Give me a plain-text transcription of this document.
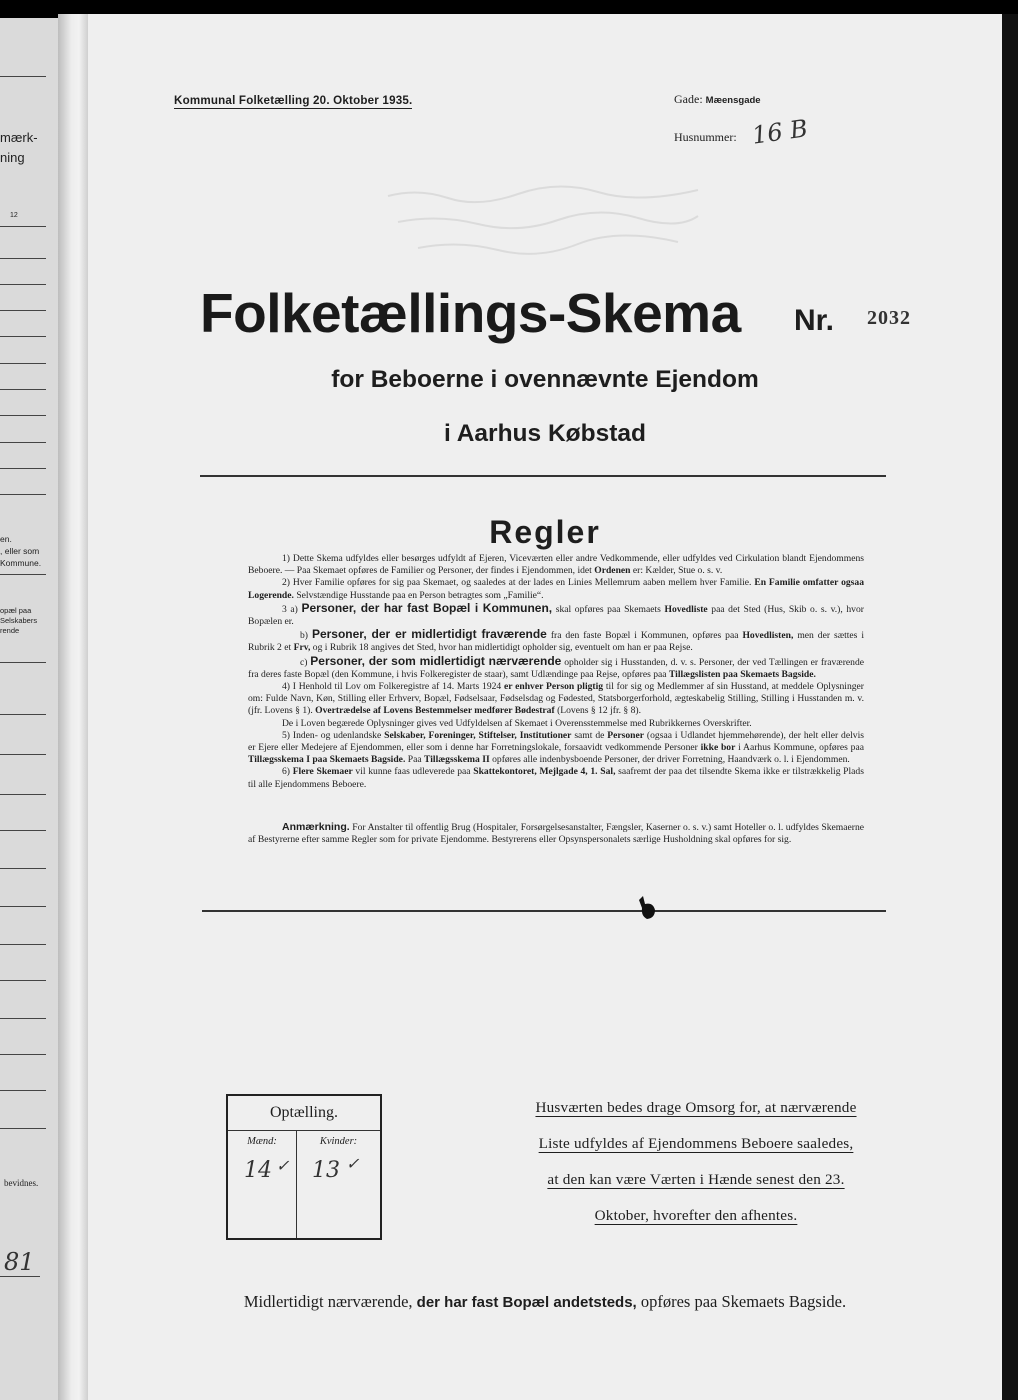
mærk-
ning
12
en.
, eller som
Kommune.
opæl paa
Selskabers
rende
bevidnes.
81
Kommunal Folketælling 20. Oktober 1935.	Gade: Mæensgade
Husnummer: 16 B
Folketællings-Skema Nr. 2032
for Beboerne i ovennævnte Ejendom
i Aarhus Købstad
Regler

1) Dette Skema udfyldes eller besørges udfyldt af Ejeren, Viceværten eller andre Vedkommende, eller udfyldes ved Cirkulation blandt Ejendommens Beboere. — Paa Skemaet opføres de Familier og Personer, der findes i Ejendommen, idet Ordenen er: Kælder, Stue o. s. v.

2) Hver Familie opføres for sig paa Skemaet, og saaledes at der lades en Linies Mellemrum aaben mellem hver Familie. En Familie omfatter ogsaa Logerende. Selvstændige Husstande paa en Person betragtes som „Familie“.

3 a) Personer, der har fast Bopæl i Kommunen, skal opføres paa Skemaets Hovedliste paa det Sted (Hus, Skib o. s. v.), hvor Bopælen er.

b) Personer, der er midlertidigt fraværende fra den faste Bopæl i Kommunen, opføres paa Hovedlisten, men der sættes i Rubrik 2 et Frv, og i Rubrik 18 angives det Sted, hvor han midlertidigt opholder sig, eventuelt om han er paa Rejse.

c) Personer, der som midlertidigt nærværende opholder sig i Husstanden, d. v. s. Personer, der ved Tællingen er fraværende fra deres faste Bopæl (den Kommune, i hvis Folkeregister de staar), samt Udlændinge paa Rejse, opføres paa Tillægslisten paa Skemaets Bagside.

4) I Henhold til Lov om Folkeregistre af 14. Marts 1924 er enhver Person pligtig til for sig og Medlemmer af sin Husstand, at meddele Oplysninger om: Fulde Navn, Køn, Stilling eller Erhverv, Bopæl, Fødselsaar, Fødselsdag og Fødested, Statsborgerforhold, ægteskabelig Stilling, Stilling i Husstanden m. v. (jfr. Lovens § 1). Overtrædelse af Lovens Bestemmelser medfører Bødestraf (Lovens § 12 jfr. § 8).

De i Loven begærede Oplysninger gives ved Udfyldelsen af Skemaet i Overensstemmelse med Rubrikkernes Overskrifter.

5) Inden- og udenlandske Selskaber, Foreninger, Stiftelser, Institutioner samt de Personer (ogsaa i Udlandet hjemmehørende), der helt eller delvis er Ejere eller Medejere af Ejendommen, eller som i denne har Forretningslokale, forsaavidt vedkommende Personer ikke bor i Aarhus Kommune, opføres paa Tillægsskema I paa Skemaets Bagside. Paa Tillægsskema II opføres alle indenbysboende Personer, der driver Forretning, Haandværk o. l. i Ejendommen.

6) Flere Skemaer vil kunne faas udleverede paa Skattekontoret, Mejlgade 4, 1. Sal, saafremt der paa det tilsendte Skema ikke er tilstrækkelig Plads til alle Ejendommens Beboere.

Anmærkning. For Anstalter til offentlig Brug (Hospitaler, Forsørgelsesanstalter, Fængsler, Kaserner o. s. v.) samt Hoteller o. l. udfyldes Skemaerne af Bestyrerne efter samme Regler som for private Ejendomme. Bestyrerens eller Opsynspersonalets særlige Husholdning skal opføres for sig.

Optælling.
Mænd:	Kvinder:
14 ✓ 13 ✓
Husværten bedes drage Omsorg for, at nærværende
Liste udfyldes af Ejendommens Beboere saaledes,
at den kan være Værten i Hænde senest den 23.
Oktober, hvorefter den afhentes.
Midlertidigt nærværende, der har fast Bopæl andetsteds, opføres paa Skemaets Bagside.
